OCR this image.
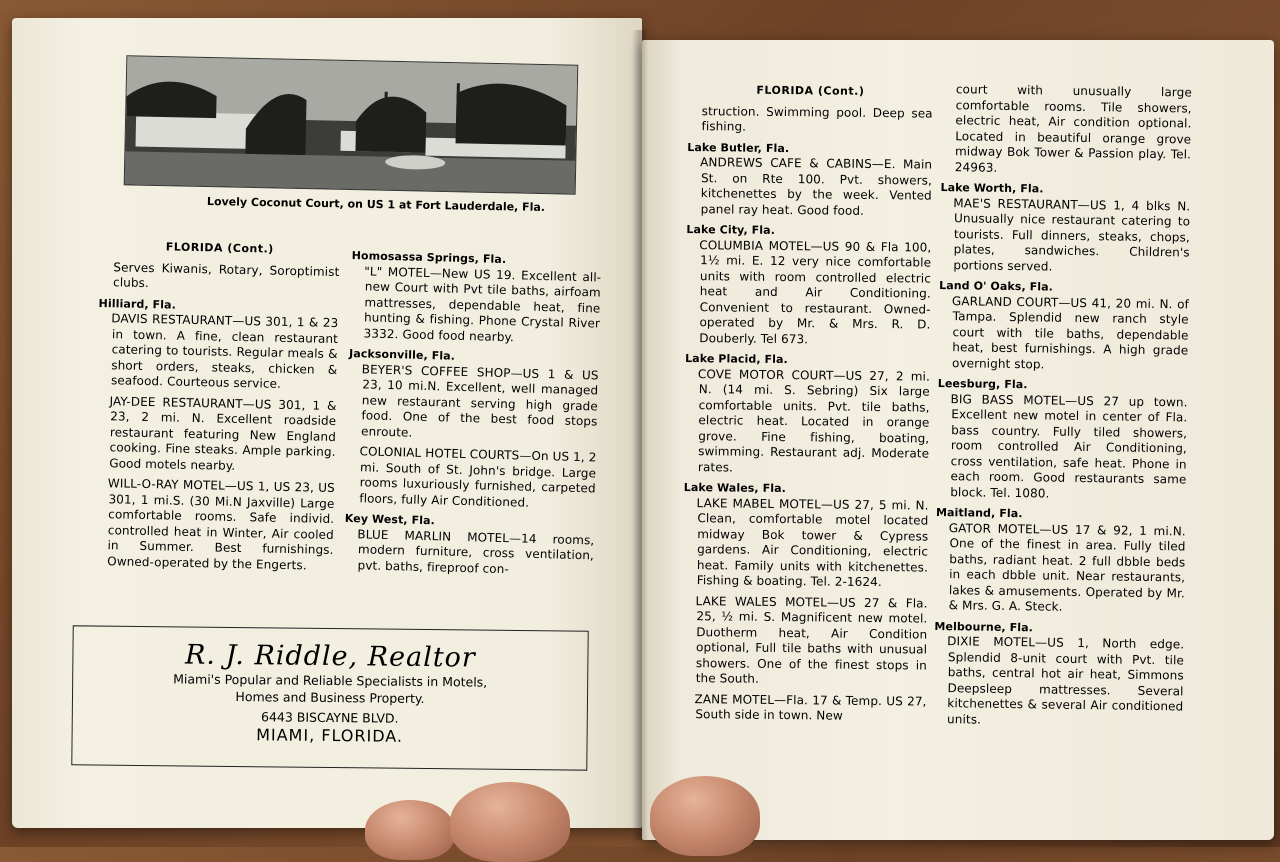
Lovely Coconut Court, on US 1 at Fort Lauderdale, Fla.
FLORIDA (Cont.)
Serves Kiwanis, Rotary, Soroptimist clubs.
Hilliard, Fla.
DAVIS RESTAURANT—US 301, 1 & 23 in town. A fine, clean restaurant catering to tourists. Regular meals & short orders, steaks, chicken & seafood. Courteous service.
JAY-DEE RESTAURANT—US 301, 1 & 23, 2 mi. N. Excellent roadside restaurant featuring New England cooking. Fine steaks. Ample parking. Good motels nearby.
WILL-O-RAY MOTEL—US 1, US 23, US 301, 1 mi.S. (30 Mi.N Jaxville) Large comfortable rooms. Safe individ. controlled heat in Winter, Air cooled in Summer. Best furnishings. Owned-operated by the Engerts.
Homosassa Springs, Fla.
"L" MOTEL—New US 19. Excellent all-new Court with Pvt tile baths, airfoam mattresses, dependable heat, fine hunting & fishing. Phone Crystal River 3332. Good food nearby.
Jacksonville, Fla.
BEYER'S COFFEE SHOP—US 1 & US 23, 10 mi.N. Excellent, well managed new restaurant serving high grade food. One of the best food stops enroute.
COLONIAL HOTEL COURTS—On US 1, 2 mi. South of St. John's bridge. Large rooms luxuriously furnished, carpeted floors, fully Air Conditioned.
Key West, Fla.
BLUE MARLIN MOTEL—14 rooms, modern furniture, cross ventilation, pvt. baths, fireproof con-
R. J. Riddle, Realtor
Miami's Popular and Reliable Specialists in Motels,
Homes and Business Property.
6443 BISCAYNE BLVD.
MIAMI, FLORIDA.
FLORIDA (Cont.)
struction. Swimming pool. Deep sea fishing.
Lake Butler, Fla.
ANDREWS CAFE & CABINS—E. Main St. on Rte 100. Pvt. showers, kitchenettes by the week. Vented panel ray heat. Good food.
Lake City, Fla.
COLUMBIA MOTEL—US 90 & Fla 100, 1½ mi. E. 12 very nice comfortable units with room controlled electric heat and Air Conditioning. Convenient to restaurant. Owned-operated by Mr. & Mrs. R. D. Douberly. Tel 673.
Lake Placid, Fla.
COVE MOTOR COURT—US 27, 2 mi. N. (14 mi. S. Sebring) Six large comfortable units. Pvt. tile baths, electric heat. Located in orange grove. Fine fishing, boating, swimming. Restaurant adj. Moderate rates.
Lake Wales, Fla.
LAKE MABEL MOTEL—US 27, 5 mi. N. Clean, comfortable motel located midway Bok tower & Cypress gardens. Air Conditioning, electric heat. Family units with kitchenettes. Fishing & boating. Tel. 2-1624.
LAKE WALES MOTEL—US 27 & Fla. 25, ½ mi. S. Magnificent new motel. Duotherm heat, Air Condition optional, Full tile baths with unusual showers. One of the finest stops in the South.
ZANE MOTEL—Fla. 17 & Temp. US 27, South side in town. New
court with unusually large comfortable rooms. Tile showers, electric heat, Air condition optional. Located in beautiful orange grove midway Bok Tower & Passion play. Tel. 24963.
Lake Worth, Fla.
MAE'S RESTAURANT—US 1, 4 blks N. Unusually nice restaurant catering to tourists. Full dinners, steaks, chops, plates, sandwiches. Children's portions served.
Land O' Oaks, Fla.
GARLAND COURT—US 41, 20 mi. N. of Tampa. Splendid new ranch style court with tile baths, dependable heat, best furnishings. A high grade overnight stop.
Leesburg, Fla.
BIG BASS MOTEL—US 27 up town. Excellent new motel in center of Fla. bass country. Fully tiled showers, room controlled Air Conditioning, cross ventilation, safe heat. Phone in each room. Good restaurants same block. Tel. 1080.
Maitland, Fla.
GATOR MOTEL—US 17 & 92, 1 mi.N. One of the finest in area. Fully tiled baths, radiant heat. 2 full dbble beds in each dbble unit. Near restaurants, lakes & amusements. Operated by Mr. & Mrs. G. A. Steck.
Melbourne, Fla.
DIXIE MOTEL—US 1, North edge. Splendid 8-unit court with Pvt. tile baths, central hot air heat, Simmons Deepsleep mattresses. Several kitchenettes & several Air conditioned units.
